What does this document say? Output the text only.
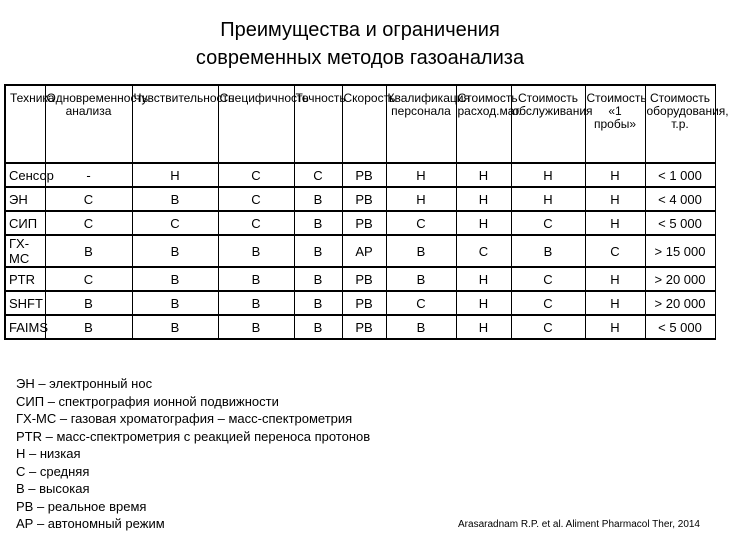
Преимущества и ограничения
современных методов газоанализа
Техника	Одновременность анализа	Чувствительность	Специфичность	Точность	Скорость	Квалификация персонала	Стоимость расход.мат.	Стоимость обслуживания	Стоимость «1 пробы»	Стоимость оборудования, т.р.
Сенсор	-	Н	С	С	РВ	Н	Н	Н	Н	< 1 000
ЭН	С	В	С	В	РВ	Н	Н	Н	Н	< 4 000
СИП	С	С	С	В	РВ	С	Н	С	Н	< 5 000
ГХ-МС	В	В	В	В	АР	В	С	В	С	> 15 000
PTR	С	В	В	В	РВ	В	Н	С	Н	> 20 000
SHFT	В	В	В	В	РВ	С	Н	С	Н	> 20 000
FAIMS	В	В	В	В	РВ	В	Н	С	Н	< 5 000
ЭН – электронный нос
СИП – спектрография ионной подвижности
ГХ-МС – газовая хроматография – масс-спектрометрия
PTR – масс-спектрометрия с реакцией переноса протонов
Н – низкая
С – средняя
В – высокая
РВ – реальное время
АР – автономный режим	Arasaradnam R.P. et al. Aliment Pharmacol Ther, 2014
